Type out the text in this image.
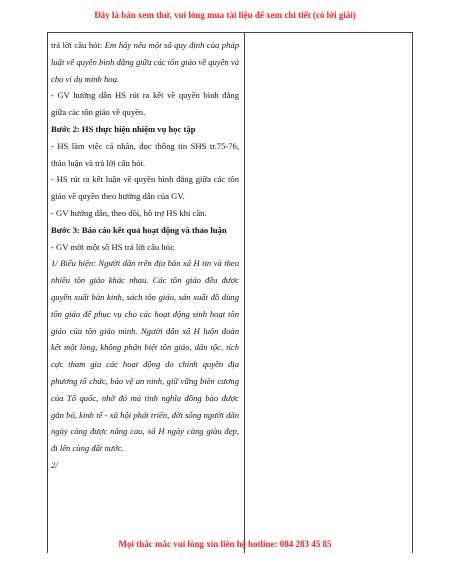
Đây là bản xem thử, vui lòng mua tài liệu để xem chi tiết (có lời giải)

trả lời câu hỏi: Em hãy nêu một số quy định của pháp luật về quyền bình đẳng giữa các tôn giáo về quyền và cho ví dụ minh hoạ.

- GV hướng dẫn HS rút ra kết về quyền bình đẳng giữa các tôn giáo về quyền.

Bước 2: HS thực hiện nhiệm vụ học tập

- HS làm việc cá nhân, đọc thông tin SHS tr.75-76, thảo luận và trả lời câu hỏi.

- HS rút ra kết luận về quyền bình đẳng giữa các tôn giáo về quyền theo hướng dẫn của GV.

- GV hướng dẫn, theo dõi, hỗ trợ HS khi cần.

Bước 3: Báo cáo kết quả hoạt động và thảo luận

- GV mời một số HS trả lời câu hỏi:

1/ Biểu hiện: Người dân trên địa bàn xã H tin và theo nhiều tôn giáo khác nhau. Các tôn giáo đều được quyền xuất bản kinh, sách tôn giáo, sản xuất đồ dùng tôn giáo để phục vụ cho các hoạt động sinh hoạt tôn giáo của tôn giáo mình. Người dân xã H luôn đoàn kết một lòng, không phân biệt tôn giáo, dân tộc, tích cực tham gia các hoạt động do chính quyền địa phương tổ chức, bảo vệ an ninh, giữ vững biên cương của Tổ quốc, nhờ đó mà tình nghĩa đồng bào được gắn bó, kinh tế - xã hội phát triển, đời sống người dân ngày càng được nâng cao, xã H ngày càng giàu đẹp, đi lên cùng đất nước.

2/

Mọi thắc mắc vui lòng xin liên hệ hotline: 084 283 45 85
